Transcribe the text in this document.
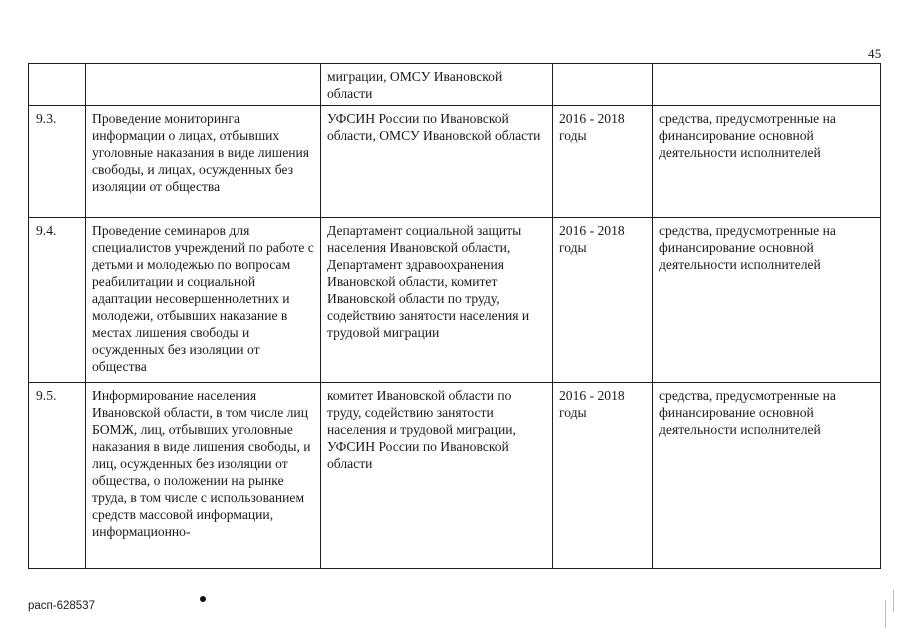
45
		миграции, ОМСУ Ивановской области		
9.3.	Проведение мониторинга информации о лицах, отбывших уголовные наказания в виде лишения свободы, и лицах, осужденных без изоляции от общества	УФСИН России по Ивановской области, ОМСУ Ивановской области	2016 - 2018 годы	средства, предусмотренные на финансирование основной деятельности исполнителей
9.4.	Проведение семинаров для специалистов учреждений по работе с детьми и молодежью по вопросам реабилитации и социальной адаптации несовершеннолетних и молодежи, отбывших наказание в местах лишения свободы и осужденных без изоляции от общества	Департамент социальной защиты населения Ивановской области, Департамент здравоохранения Ивановской области, комитет Ивановской области по труду, содействию занятости населения и трудовой миграции	2016 - 2018 годы	средства, предусмотренные на финансирование основной деятельности исполнителей
9.5.	Информирование населения Ивановской области, в том числе лиц БОМЖ, лиц, отбывших уголовные наказания в виде лишения свободы, и лиц, осужденных без изоляции от общества, о положении на рынке труда, в том числе с использованием средств массовой информации, информационно-	комитет Ивановской области по труду, содействию занятости населения и трудовой миграции, УФСИН России по Ивановской области	2016 - 2018 годы	средства, предусмотренные на финансирование основной деятельности исполнителей
расп-628537
